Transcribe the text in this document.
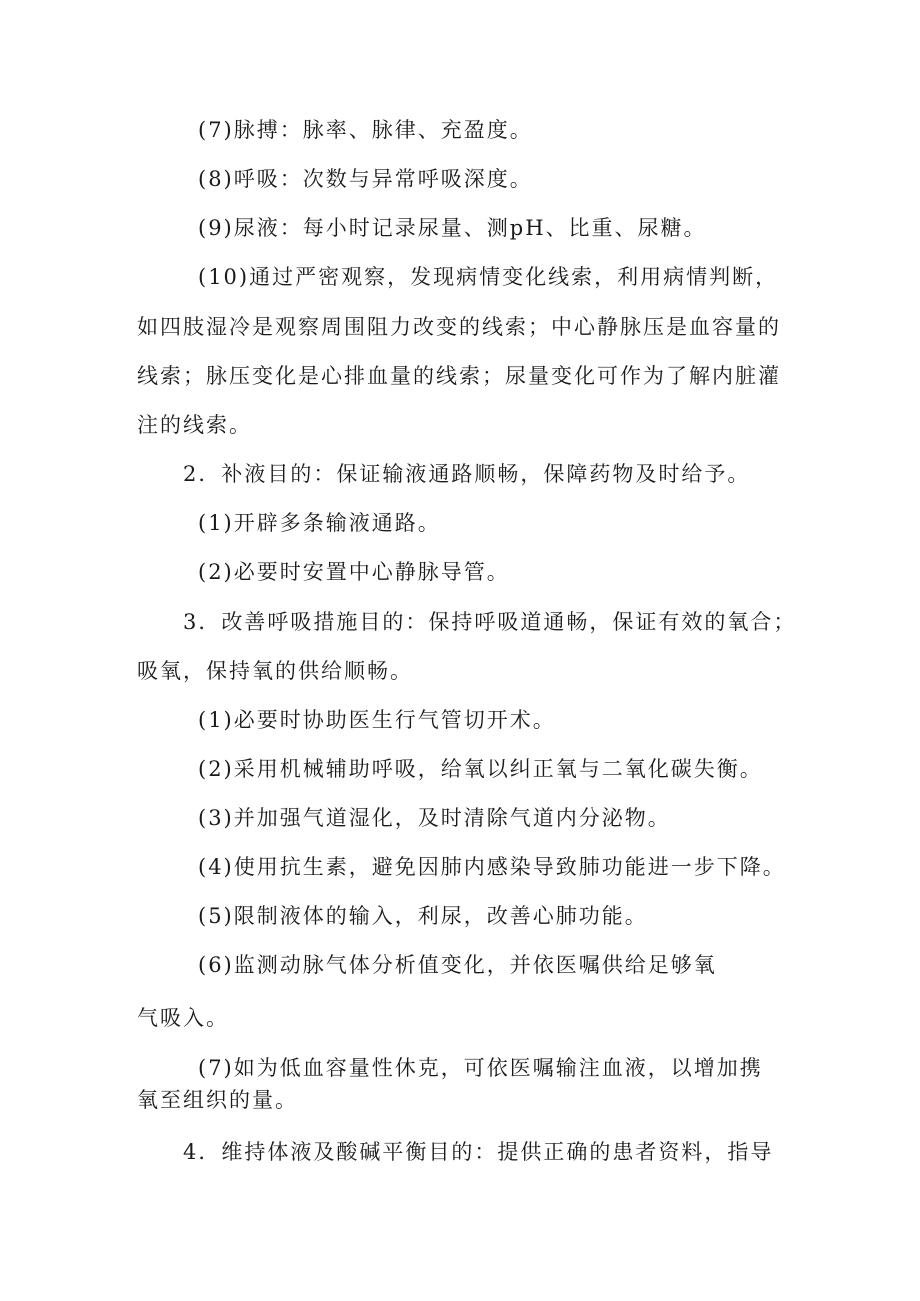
(7)脉搏：脉率、脉律、充盈度。
(8)呼吸：次数与异常呼吸深度。
(9)尿液：每小时记录尿量、测pH、比重、尿糖。
(10)通过严密观察，发现病情变化线索，利用病情判断，
如四肢湿冷是观察周围阻力改变的线索；中心静脉压是血容量的
线索；脉压变化是心排血量的线索；尿量变化可作为了解内脏灌
注的线索。
2．补液目的：保证输液通路顺畅，保障药物及时给予。
(1)开辟多条输液通路。
(2)必要时安置中心静脉导管。
3．改善呼吸措施目的：保持呼吸道通畅，保证有效的氧合；
吸氧，保持氧的供给顺畅。
(1)必要时协助医生行气管切开术。
(2)采用机械辅助呼吸，给氧以纠正氧与二氧化碳失衡。
(3)并加强气道湿化，及时清除气道内分泌物。
(4)使用抗生素，避免因肺内感染导致肺功能进一步下降。
(5)限制液体的输入，利尿，改善心肺功能。
(6)监测动脉气体分析值变化，并依医嘱供给足够氧
气吸入。
(7)如为低血容量性休克，可依医嘱输注血液，以增加携
氧至组织的量。
4．维持体液及酸碱平衡目的：提供正确的患者资料，指导
